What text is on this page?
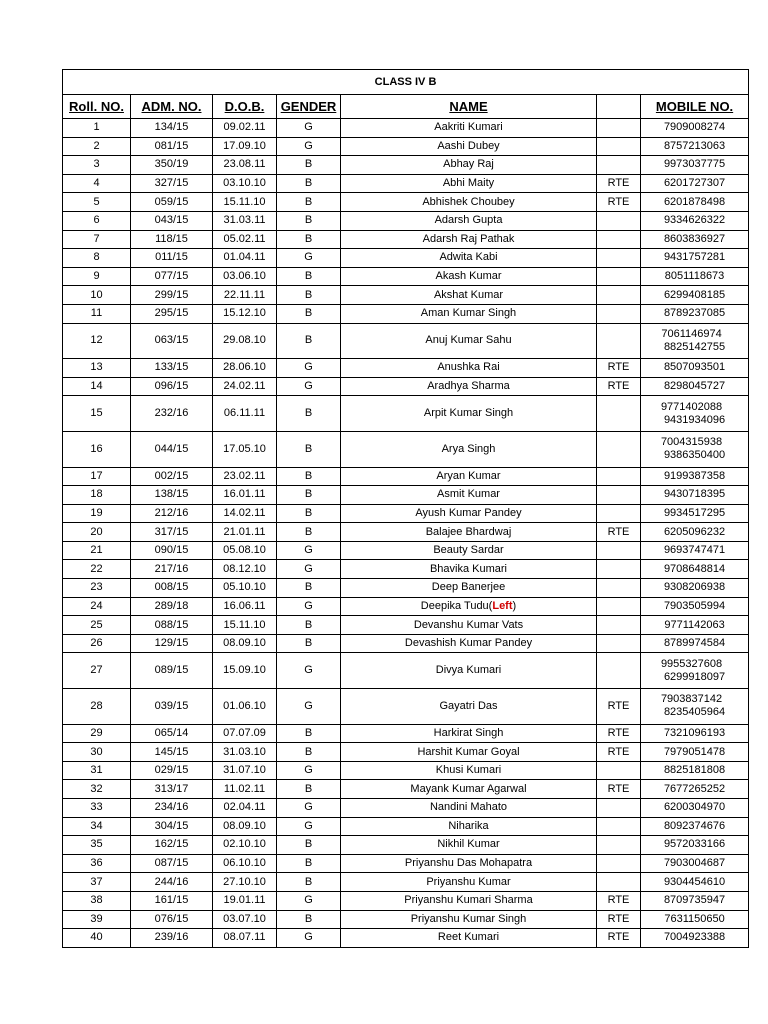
CLASS IV B						
Roll. NO.	ADM. NO.	D.O.B.	GENDER	NAME		MOBILE NO.
1	134/15	09.02.11	G	Aakriti Kumari		7909008274

2	081/15	17.09.10	G	Aashi Dubey		8757213063

3	350/19	23.08.11	B	Abhay Raj		9973037775

4	327/15	03.10.10	B	Abhi Maity	RTE	6201727307

5	059/15	15.11.10	B	Abhishek Choubey	RTE	6201878498

6	043/15	31.03.11	B	Adarsh Gupta		9334626322

7	118/15	05.02.11	B	Adarsh Raj Pathak		8603836927

8	011/15	01.04.11	G	Adwita Kabi		9431757281

9	077/15	03.06.10	B	Akash Kumar		8051118673

10	299/15	22.11.11	B	Akshat Kumar		6299408185

11	295/15	15.12.10	B	Aman Kumar Singh		8789237085

12	063/15	29.08.10	B	Anuj Kumar Sahu		7061146974
8825142755

13	133/15	28.06.10	G	Anushka Rai	RTE	8507093501

14	096/15	24.02.11	G	Aradhya Sharma	RTE	8298045727

15	232/16	06.11.11	B	Arpit Kumar Singh		9771402088
9431934096

16	044/15	17.05.10	B	Arya Singh		7004315938
9386350400

17	002/15	23.02.11	B	Aryan Kumar		9199387358

18	138/15	16.01.11	B	Asmit Kumar		9430718395

19	212/16	14.02.11	B	Ayush Kumar Pandey		9934517295

20	317/15	21.01.11	B	Balajee Bhardwaj	RTE	6205096232

21	090/15	05.08.10	G	Beauty Sardar		9693747471

22	217/16	08.12.10	G	Bhavika Kumari		9708648814

23	008/15	05.10.10	B	Deep Banerjee		9308206938

24	289/18	16.06.11	G	Deepika Tudu(Left)		7903505994

25	088/15	15.11.10	B	Devanshu Kumar Vats		9771142063

26	129/15	08.09.10	B	Devashish Kumar Pandey		8789974584

27	089/15	15.09.10	G	Divya Kumari		9955327608
6299918097

28	039/15	01.06.10	G	Gayatri Das	RTE	7903837142
8235405964

29	065/14	07.07.09	B	Harkirat Singh	RTE	7321096193

30	145/15	31.03.10	B	Harshit Kumar Goyal	RTE	7979051478

31	029/15	31.07.10	G	Khusi Kumari		8825181808

32	313/17	11.02.11	B	Mayank Kumar Agarwal	RTE	7677265252

33	234/16	02.04.11	G	Nandini Mahato		6200304970

34	304/15	08.09.10	G	Niharika		8092374676

35	162/15	02.10.10	B	Nikhil Kumar		9572033166

36	087/15	06.10.10	B	Priyanshu Das Mohapatra		7903004687

37	244/16	27.10.10	B	Priyanshu Kumar		9304454610

38	161/15	19.01.11	G	Priyanshu Kumari Sharma	RTE	8709735947

39	076/15	03.07.10	B	Priyanshu Kumar Singh	RTE	7631150650

40	239/16	08.07.11	G	Reet Kumari	RTE	7004923388
